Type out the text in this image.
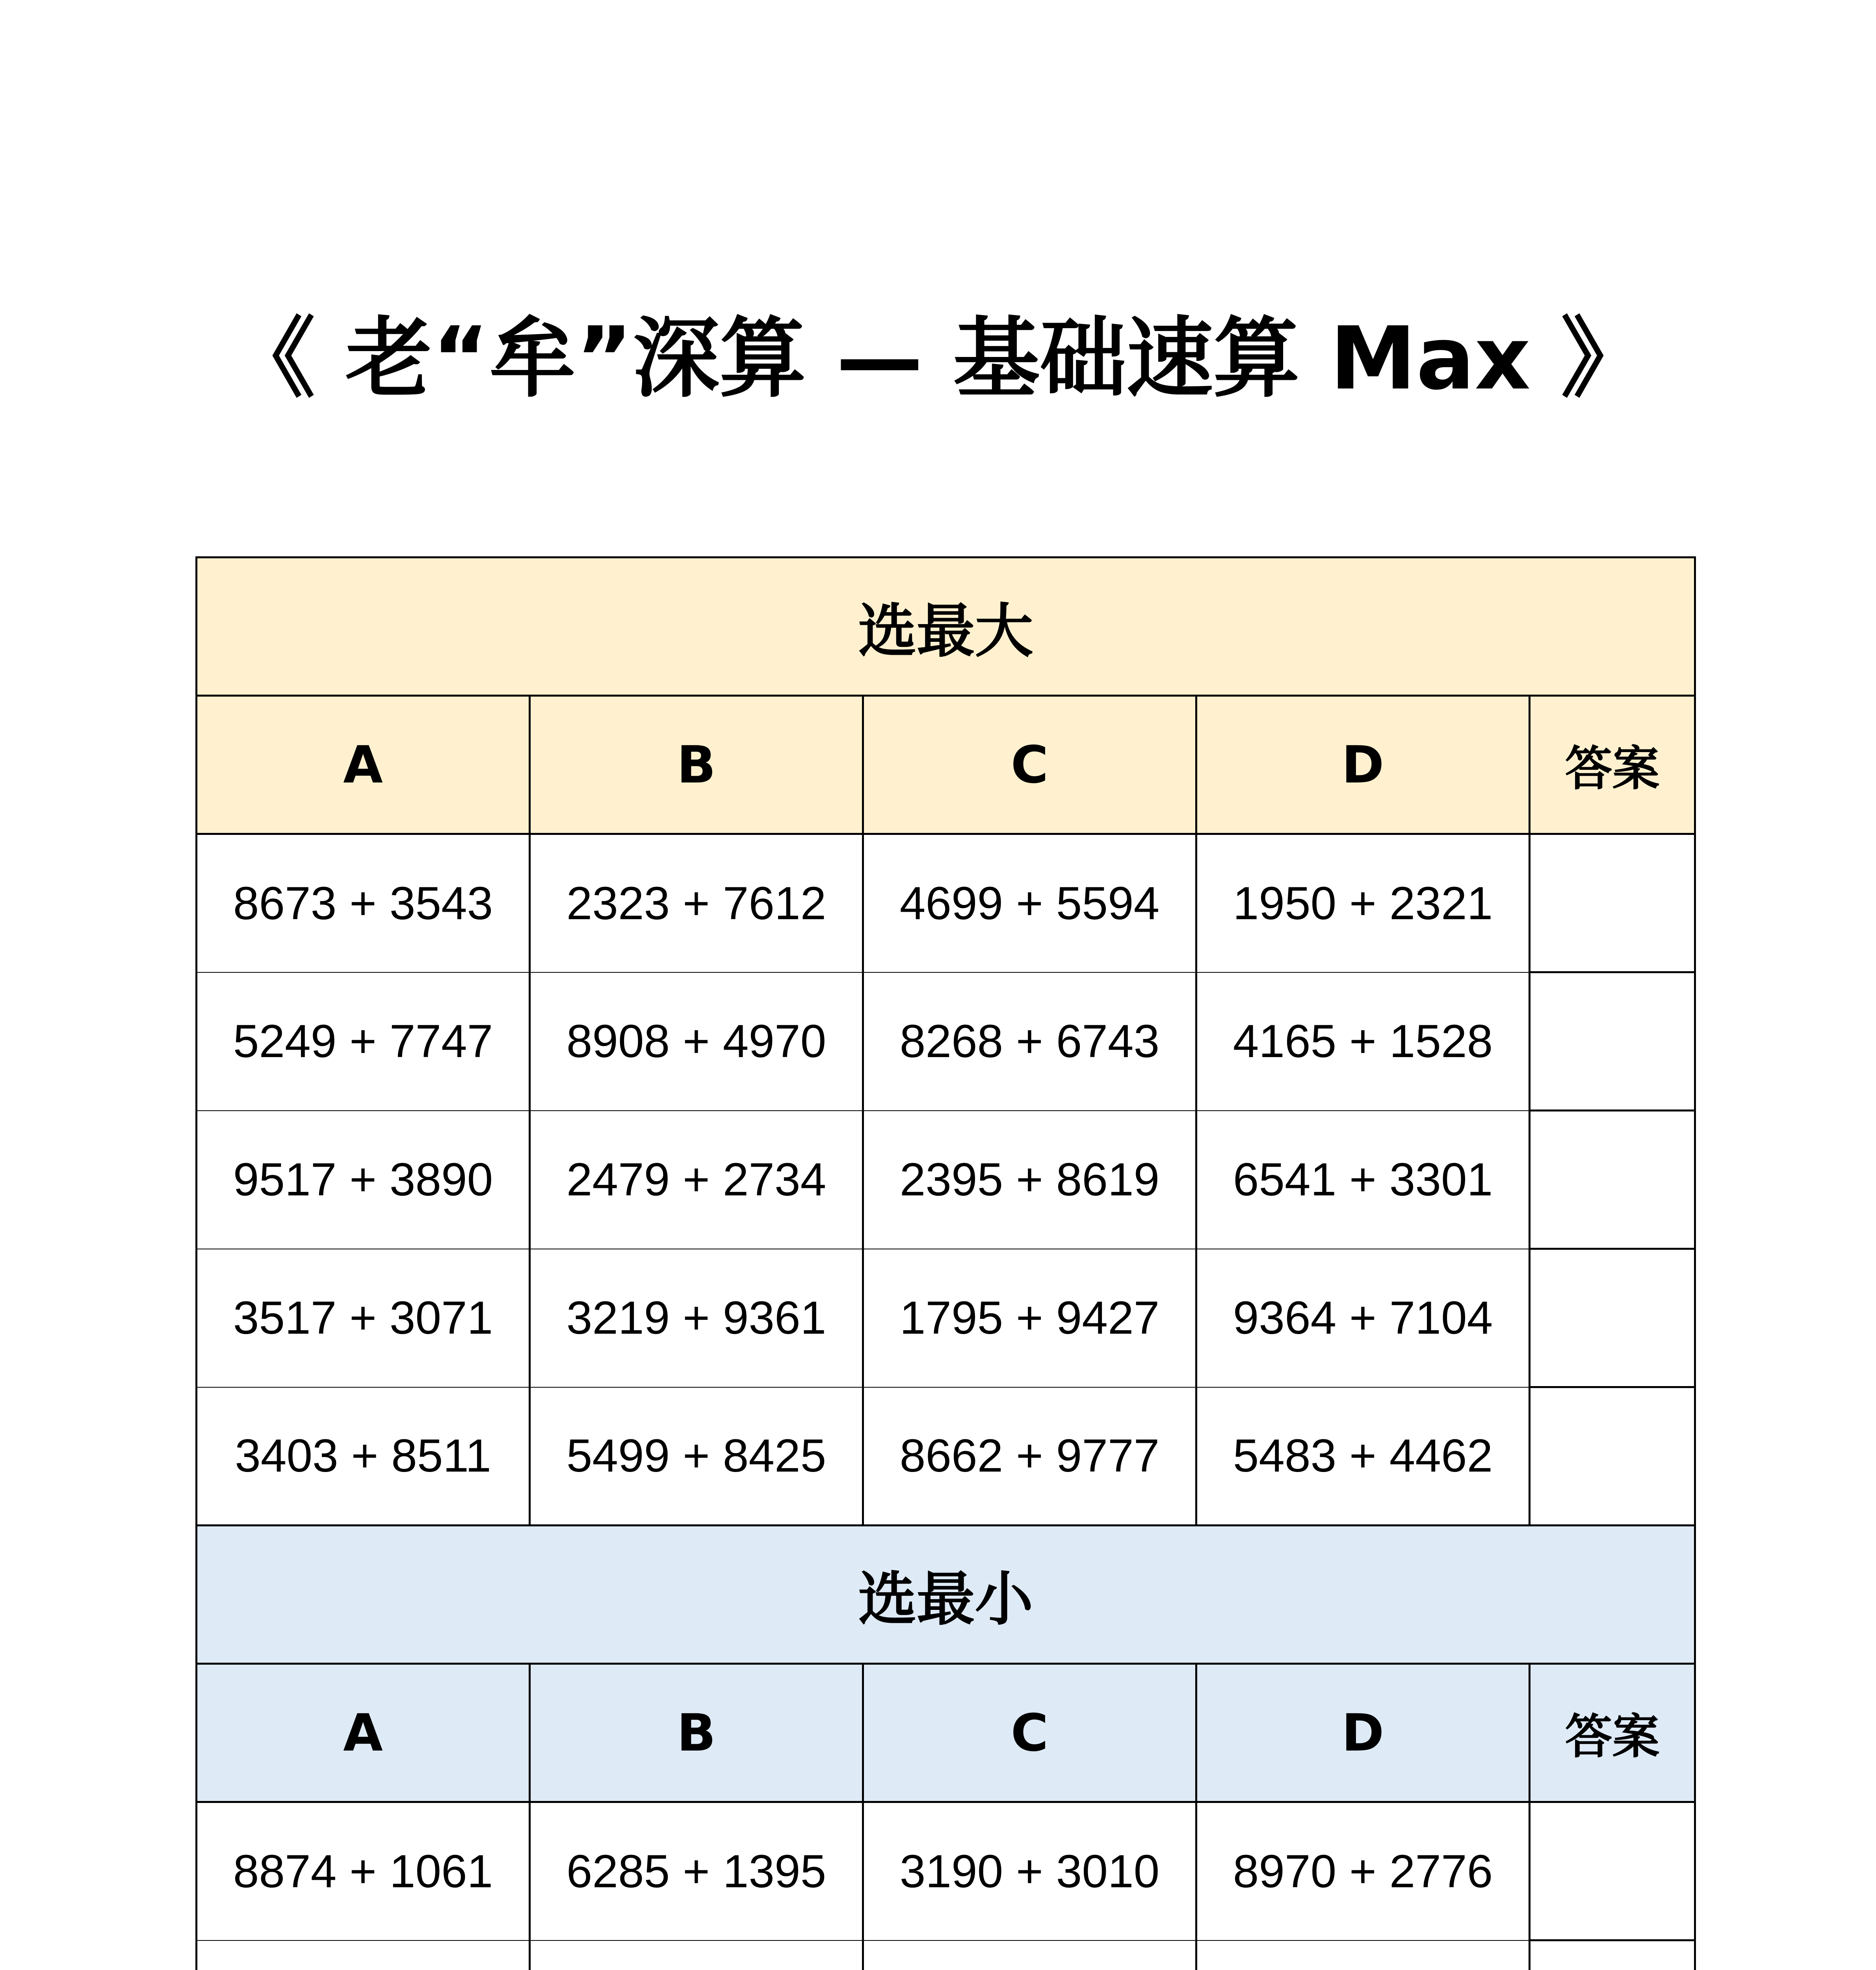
《 老“牟”深算 — 基础速算 Max 》
选最大				
A	B	C	D	答案
8673 + 3543	2323 + 7612	4699 + 5594	1950 + 2321	
5249 + 7747	8908 + 4970	8268 + 6743	4165 + 1528	
9517 + 3890	2479 + 2734	2395 + 8619	6541 + 3301	
3517 + 3071	3219 + 9361	1795 + 9427	9364 + 7104	
3403 + 8511	5499 + 8425	8662 + 9777	5483 + 4462	
选最小				
A	B	C	D	答案
8874 + 1061	6285 + 1395	3190 + 3010	8970 + 2776	
